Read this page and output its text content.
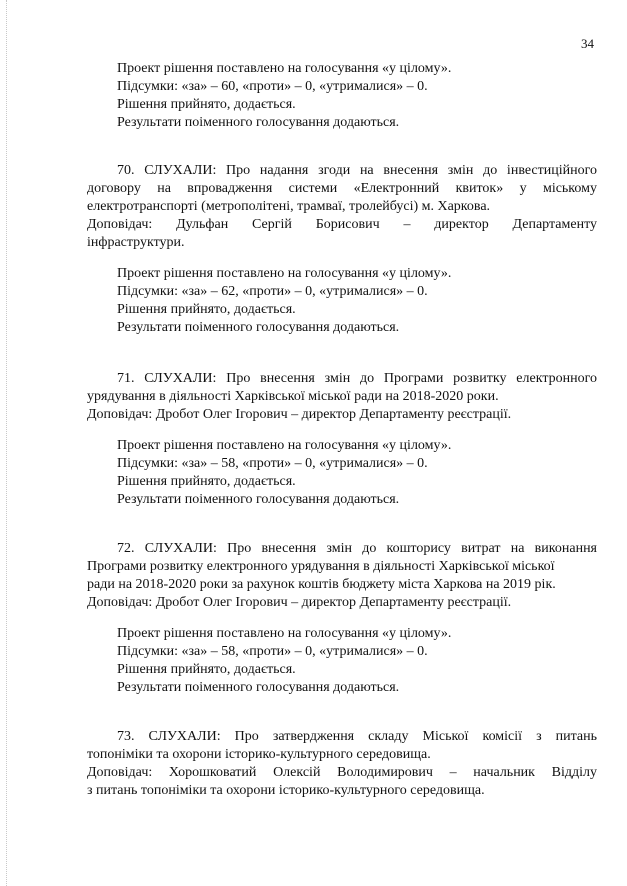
34
Проект рішення поставлено на голосування «у цілому».
Підсумки: «за» – 60, «проти» – 0, «утрималися» – 0.
Рішення прийнято, додається.
Результати поіменного голосування додаються.
70. СЛУХАЛИ: Про надання згоди на внесення змін до інвестиційного
договору на впровадження системи «Електронний квиток» у міському
електротранспорті (метрополітені, трамваї, тролейбусі) м. Харкова.
Доповідач: Дульфан Сергій Борисович – директор Департаменту
інфраструктури.
Проект рішення поставлено на голосування «у цілому».
Підсумки: «за» – 62, «проти» – 0, «утрималися» – 0.
Рішення прийнято, додається.
Результати поіменного голосування додаються.
71. СЛУХАЛИ: Про внесення змін до Програми розвитку електронного
урядування в діяльності Харківської міської ради на 2018-2020 роки.
Доповідач: Дробот Олег Ігорович – директор Департаменту реєстрації.
Проект рішення поставлено на голосування «у цілому».
Підсумки: «за» – 58, «проти» – 0, «утрималися» – 0.
Рішення прийнято, додається.
Результати поіменного голосування додаються.
72. СЛУХАЛИ: Про внесення змін до кошторису витрат на виконання
Програми розвитку електронного урядування в діяльності Харківської міської
ради на 2018-2020 роки за рахунок коштів бюджету міста Харкова на 2019 рік.
Доповідач: Дробот Олег Ігорович – директор Департаменту реєстрації.
Проект рішення поставлено на голосування «у цілому».
Підсумки: «за» – 58, «проти» – 0, «утрималися» – 0.
Рішення прийнято, додається.
Результати поіменного голосування додаються.
73. СЛУХАЛИ: Про затвердження складу Міської комісії з питань
топоніміки та охорони історико-культурного середовища.
Доповідач: Хорошковатий Олексій Володимирович – начальник Відділу
з питань топоніміки та охорони історико-культурного середовища.
